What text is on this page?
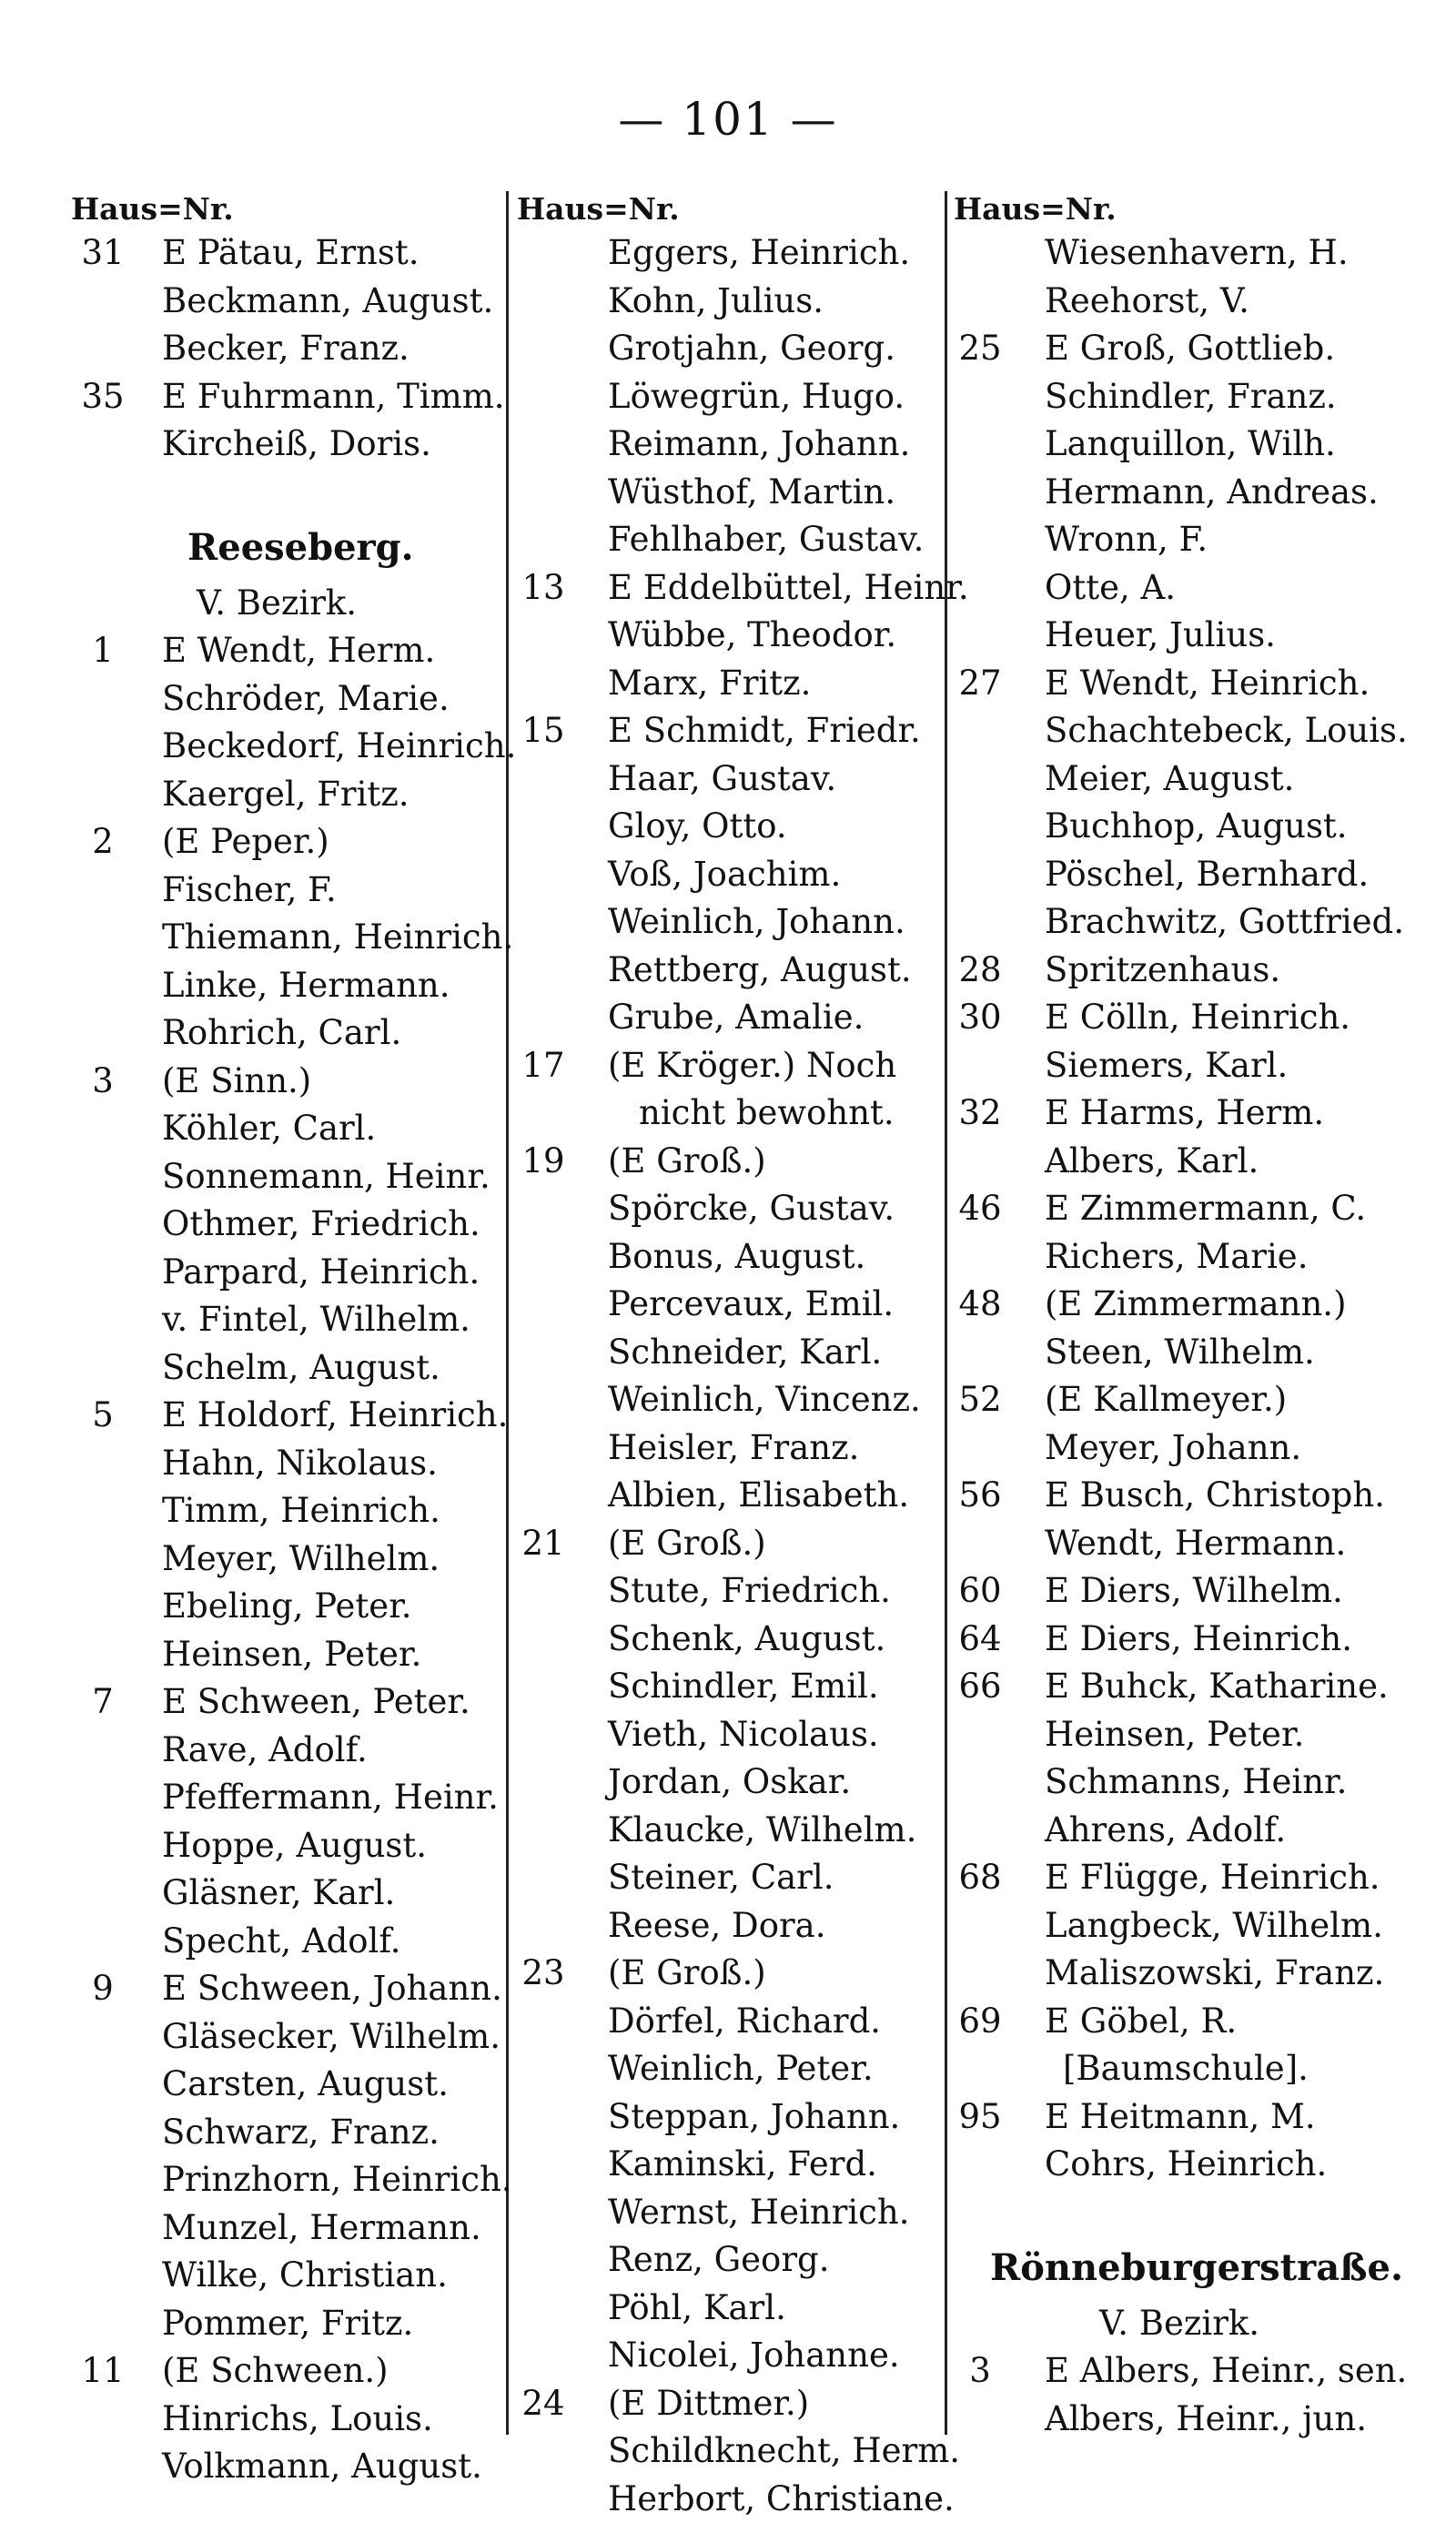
— 101 —
Haus=Nr.
31	E Pätau, Ernst.
Beckmann, August.
Becker, Franz.
35	E Fuhrmann, Timm.
Kircheiß, Doris.
Reeseberg.
V. Bezirk.
1	E Wendt, Herm.
Schröder, Marie.
Beckedorf, Heinrich.
Kaergel, Fritz.
2	(E Peper.)
Fischer, F.
Thiemann, Heinrich.
Linke, Hermann.
Rohrich, Carl.
3	(E Sinn.)
Köhler, Carl.
Sonnemann, Heinr.
Othmer, Friedrich.
Parpard, Heinrich.
v. Fintel, Wilhelm.
Schelm, August.
5	E Holdorf, Heinrich.
Hahn, Nikolaus.
Timm, Heinrich.
Meyer, Wilhelm.
Ebeling, Peter.
Heinsen, Peter.
7	E Schween, Peter.
Rave, Adolf.
Pfeffermann, Heinr.
Hoppe, August.
Gläsner, Karl.
Specht, Adolf.
9	E Schween, Johann.
Gläsecker, Wilhelm.
Carsten, August.
Schwarz, Franz.
Prinzhorn, Heinrich.
Munzel, Hermann.
Wilke, Christian.
Pommer, Fritz.
11	(E Schween.)
Hinrichs, Louis.
Volkmann, August.
Haus=Nr.
Eggers, Heinrich.
Kohn, Julius.
Grotjahn, Georg.
Löwegrün, Hugo.
Reimann, Johann.
Wüsthof, Martin.
Fehlhaber, Gustav.
13 E Eddelbüttel, Heinr.
Wübbe, Theodor.
Marx, Fritz.
15 E Schmidt, Friedr.
Haar, Gustav.
Gloy, Otto.
Voß, Joachim.
Weinlich, Johann.
Rettberg, August.
Grube, Amalie.
17 (E Kröger.) Noch
nicht bewohnt.
19 (E Groß.)
Spörcke, Gustav.
Bonus, August.
Percevaux, Emil.
Schneider, Karl.
Weinlich, Vincenz.
Heisler, Franz.
Albien, Elisabeth.
21 (E Groß.)
Stute, Friedrich.
Schenk, August.
Schindler, Emil.
Vieth, Nicolaus.
Jordan, Oskar.
Klaucke, Wilhelm.
Steiner, Carl.
Reese, Dora.
23 (E Groß.)
Dörfel, Richard.
Weinlich, Peter.
Steppan, Johann.
Kaminski, Ferd.
Wernst, Heinrich.
Renz, Georg.
Pöhl, Karl.
Nicolei, Johanne.
24 (E Dittmer.)
Schildknecht, Herm.
Herbort, Christiane.
Haus=Nr.
Wiesenhavern, H.
Reehorst, V.
25 E Groß, Gottlieb.
Schindler, Franz.
Lanquillon, Wilh.
Hermann, Andreas.
Wronn, F.
Otte, A.
Heuer, Julius.
27 E Wendt, Heinrich.
Schachtebeck, Louis.
Meier, August.
Buchhop, August.
Pöschel, Bernhard.
Brachwitz, Gottfried.
28 Spritzenhaus.
30 E Cölln, Heinrich.
Siemers, Karl.
32 E Harms, Herm.
Albers, Karl.
46 E Zimmermann, C.
Richers, Marie.
48 (E Zimmermann.)
Steen, Wilhelm.
52 (E Kallmeyer.)
Meyer, Johann.
56 E Busch, Christoph.
Wendt, Hermann.
60 E Diers, Wilhelm.
64 E Diers, Heinrich.
66 E Buhck, Katharine.
Heinsen, Peter.
Schmanns, Heinr.
Ahrens, Adolf.
68 E Flügge, Heinrich.
Langbeck, Wilhelm.
Maliszowski, Franz.
69 E Göbel, R.
[Baumschule].
95 E Heitmann, M.
Cohrs, Heinrich.
Rönneburgerstraße.
V. Bezirk.
3	E Albers, Heinr., sen.
Albers, Heinr., jun.
